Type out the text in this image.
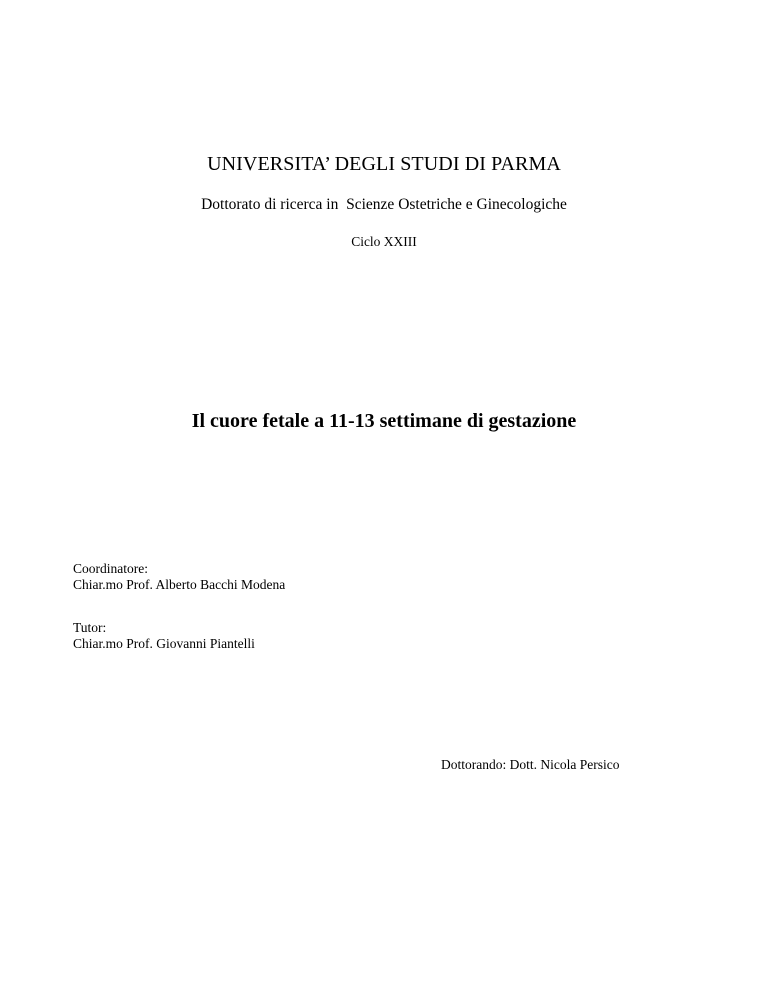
UNIVERSITA’ DEGLI STUDI DI PARMA
Dottorato di ricerca in  Scienze Ostetriche e Ginecologiche
Ciclo XXIII
Il cuore fetale a 11-13 settimane di gestazione
Coordinatore:
Chiar.mo Prof. Alberto Bacchi Modena
Tutor:
Chiar.mo Prof. Giovanni Piantelli
Dottorando: Dott. Nicola Persico
